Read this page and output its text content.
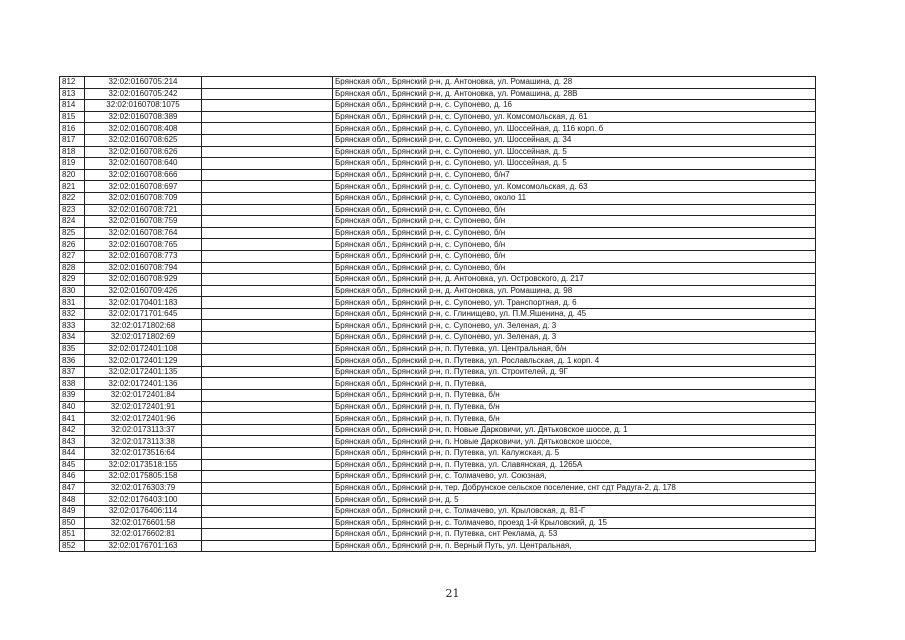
812	32:02:0160705:214		Брянская обл., Брянский р-н, д. Антоновка, ул. Ромашина, д. 28
813	32:02:0160705:242		Брянская обл., Брянский р-н, д. Антоновка, ул. Ромашина, д. 28В
814	32:02:0160708:1075		Брянская обл., Брянский р-н, с. Супонево, д. 16
815	32:02:0160708:389		Брянская обл., Брянский р-н, с. Супонево, ул. Комсомольская, д. 61
816	32:02:0160708:408		Брянская обл., Брянский р-н, с. Супонево, ул. Шоссейная, д. 116 корп. б
817	32:02:0160708:625		Брянская обл., Брянский р-н, с. Супонево, ул. Шоссейная, д. 34
818	32:02:0160708:626		Брянская обл., Брянский р-н, с. Супонево, ул. Шоссейная, д. 5
819	32:02:0160708:640		Брянская обл., Брянский р-н, с. Супонево, ул. Шоссейная, д. 5
820	32:02:0160708:666		Брянская обл., Брянский р-н, с. Супонево, б/н7
821	32:02:0160708:697		Брянская обл., Брянский р-н, с. Супонево, ул. Комсомольская, д. 63
822	32:02:0160708:709		Брянская обл., Брянский р-н, с. Супонево, около 11
823	32:02:0160708:721		Брянская обл., Брянский р-н, с. Супонево, б/н
824	32:02:0160708:759		Брянская обл., Брянский р-н, с. Супонево, б/н
825	32:02:0160708:764		Брянская обл., Брянский р-н, с. Супонево, б/н
826	32:02:0160708:765		Брянская обл., Брянский р-н, с. Супонево, б/н
827	32:02:0160708:773		Брянская обл., Брянский р-н, с. Супонево, б/н
828	32:02:0160708:794		Брянская обл., Брянский р-н, с. Супонево, б/н
829	32:02:0160708:929		Брянская обл., Брянский р-н, д. Антоновка, ул. Островского, д. 217
830	32:02:0160709:426		Брянская обл., Брянский р-н, д. Антоновка, ул. Ромашина, д. 98
831	32:02:0170401:183		Брянская обл., Брянский р-н, с. Супонево, ул. Транспортная, д. 6
832	32:02:0171701:645		Брянская обл., Брянский р-н, с. Глинищево, ул. П.М.Яшенина, д. 45
833	32:02:0171802:68		Брянская обл., Брянский р-н, с. Супонево, ул. Зеленая, д. 3
834	32:02:0171802:69		Брянская обл., Брянский р-н, с. Супонево, ул. Зеленая, д. 3
835	32:02:0172401:108		Брянская обл., Брянский р-н, п. Путевка, ул. Центральная, б/н
836	32:02:0172401:129		Брянская обл., Брянский р-н, п. Путевка, ул. Рославльская, д. 1 корп. 4
837	32:02:0172401:135		Брянская обл., Брянский р-н, п. Путевка, ул. Строителей, д. 9Г
838	32:02:0172401:136		Брянская обл., Брянский р-н, п. Путевка,
839	32:02:0172401:84		Брянская обл., Брянский р-н, п. Путевка, б/н
840	32:02:0172401:91		Брянская обл., Брянский р-н, п. Путевка, б/н
841	32:02:0172401:96		Брянская обл., Брянский р-н, п. Путевка, б/н
842	32:02:0173113:37		Брянская обл., Брянский р-н, п. Новые Дарковичи, ул. Дятьковское шоссе, д. 1
843	32:02:0173113:38		Брянская обл., Брянский р-н, п. Новые Дарковичи, ул. Дятьковское шоссе,
844	32:02:0173516:64		Брянская обл., Брянский р-н, п. Путевка, ул. Калужская, д. 5
845	32:02:0173518:155		Брянская обл., Брянский р-н, п. Путевка, ул. Славянская, д. 1265А
846	32:02:0175805:158		Брянская обл., Брянский р-н, с. Толмачево, ул. Союзная,
847	32:02:0176303:79		Брянская обл., Брянский р-н, тер. Добрунское сельское поселение, снт сдт Радуга-2, д. 178
848	32:02:0176403:100		Брянская обл., Брянский р-н, д. 5
849	32:02:0176406:114		Брянская обл., Брянский р-н, с. Толмачево, ул. Крыловская, д. 81-Г
850	32:02:0176601:58		Брянская обл., Брянский р-н, с. Толмачево, проезд 1-й Крыловский, д. 15
851	32:02:0176602:81		Брянская обл., Брянский р-н, п. Путевка, снт Реклама, д. 53
852	32:02:0176701:163		Брянская обл., Брянский р-н, п. Верный Путь, ул. Центральная,
21
